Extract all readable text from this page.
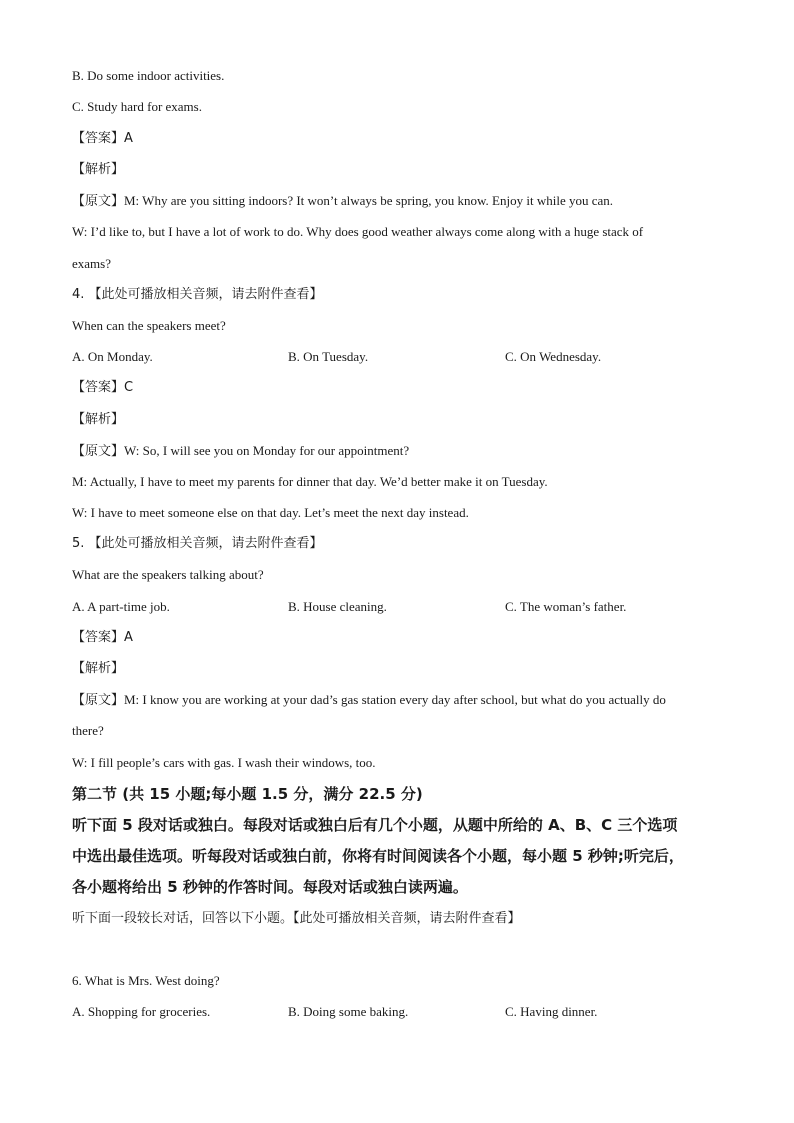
B. Do some indoor activities.
C. Study hard for exams.
【答案】A
【解析】
【原文】M: Why are you sitting indoors? It won’t always be spring, you know. Enjoy it while you can.
W: I’d like to, but I have a lot of work to do. Why does good weather always come along with a huge stack of
exams?
4. 【此处可播放相关音频，请去附件查看】
When can the speakers meet?
A. On Monday.	B. On Tuesday.	C. On Wednesday.
【答案】C
【解析】
【原文】W: So, I will see you on Monday for our appointment?
M: Actually, I have to meet my parents for dinner that day. We’d better make it on Tuesday.
W: I have to meet someone else on that day. Let’s meet the next day instead.
5. 【此处可播放相关音频，请去附件查看】
What are the speakers talking about?
A. A part-time job.	B. House cleaning.	C. The woman’s father.
【答案】A
【解析】
【原文】M: I know you are working at your dad’s gas station every day after school, but what do you actually do
there?
W: I fill people’s cars with gas. I wash their windows, too.
第二节 (共 15 小题;每小题 1.5 分，满分 22.5 分)
听下面 5 段对话或独白。每段对话或独白后有几个小题，从题中所给的 A、B、C 三个选项
中选出最佳选项。听每段对话或独白前，你将有时间阅读各个小题，每小题 5 秒钟;听完后，
各小题将给出 5 秒钟的作答时间。每段对话或独白读两遍。
听下面一段较长对话，回答以下小题。【此处可播放相关音频，请去附件查看】
6. What is Mrs. West doing?
A. Shopping for groceries.	B. Doing some baking.	C. Having dinner.
